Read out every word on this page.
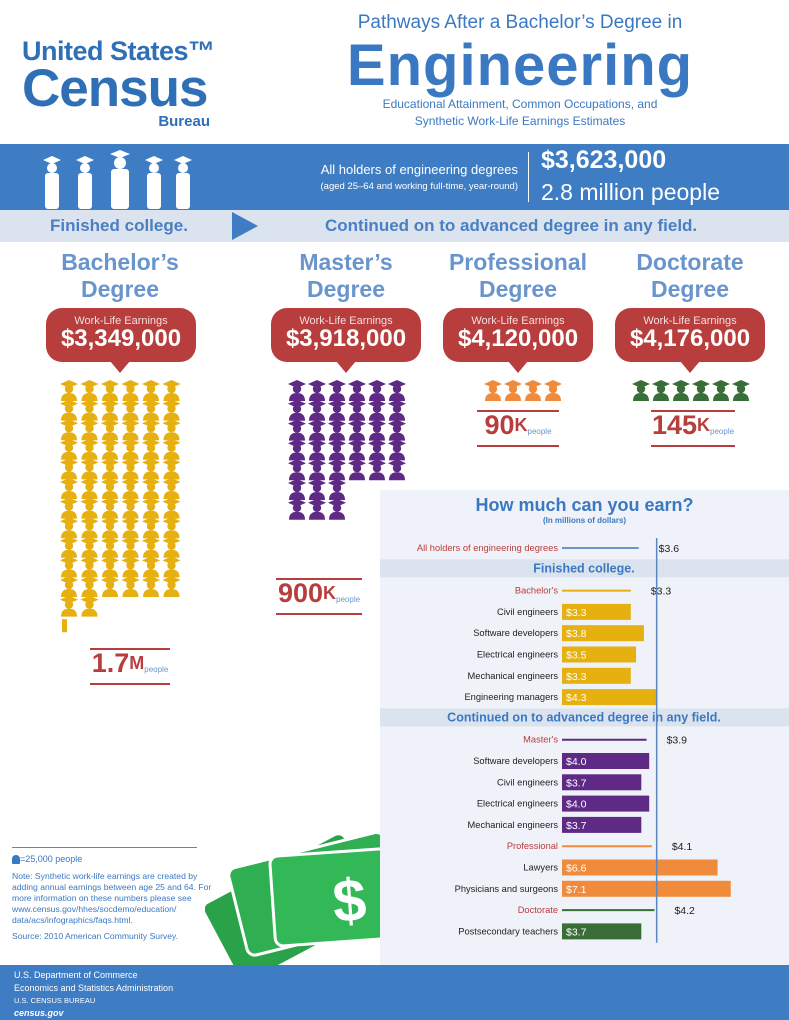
United States™
Census
Bureau
Pathways After a Bachelor’s Degree in
Engineering
Educational Attainment, Common Occupations, and
Synthetic Work-Life Earnings Estimates
All holders of engineering degrees
(aged 25–64 and working full-time, year-round)
$3,623,000
2.8 million people
Finished college.	Continued on to advanced degree in any field.
Bachelor’s
Degree
Work-Life Earnings
$3,349,000
$1.7^Mpeople$
Master’s
Degree
Work-Life Earnings
$3,918,000
$900^Kpeople$
Professional
Degree
Work-Life Earnings
$4,120,000
$90^Kpeople$
Doctorate
Degree
Work-Life Earnings
$4,176,000
$145^Kpeople$
$
How much can you earn?
(In millions of dollars)
All holders of engineering degrees	$3.6
Finished college.
Bachelor's	$3.3
Civil engineers $3.3
Software developers $3.8
Electrical engineers $3.5
Mechanical engineers $3.3
Engineering managers $4.3
Continued on to advanced degree in any field.
Master's	$3.9
Software developers $4.0
Civil engineers $3.7
Electrical engineers $4.0
Mechanical engineers $3.7
Professional	$4.1
Lawyers $6.6
Physicians and surgeons $7.1
Doctorate	$4.2
Postsecondary teachers $3.7
=25,000 people
Note: Synthetic work-life earnings are created by adding annual earnings between age 25 and 64. For more information on these numbers please see www.census.gov/hhes/socdemo/education/ data/acs/infographics/faqs.html.
Source: 2010 American Community Survey.
U.S. Department of Commerce
Economics and Statistics Administration
U.S. CENSUS BUREAU
census.gov
